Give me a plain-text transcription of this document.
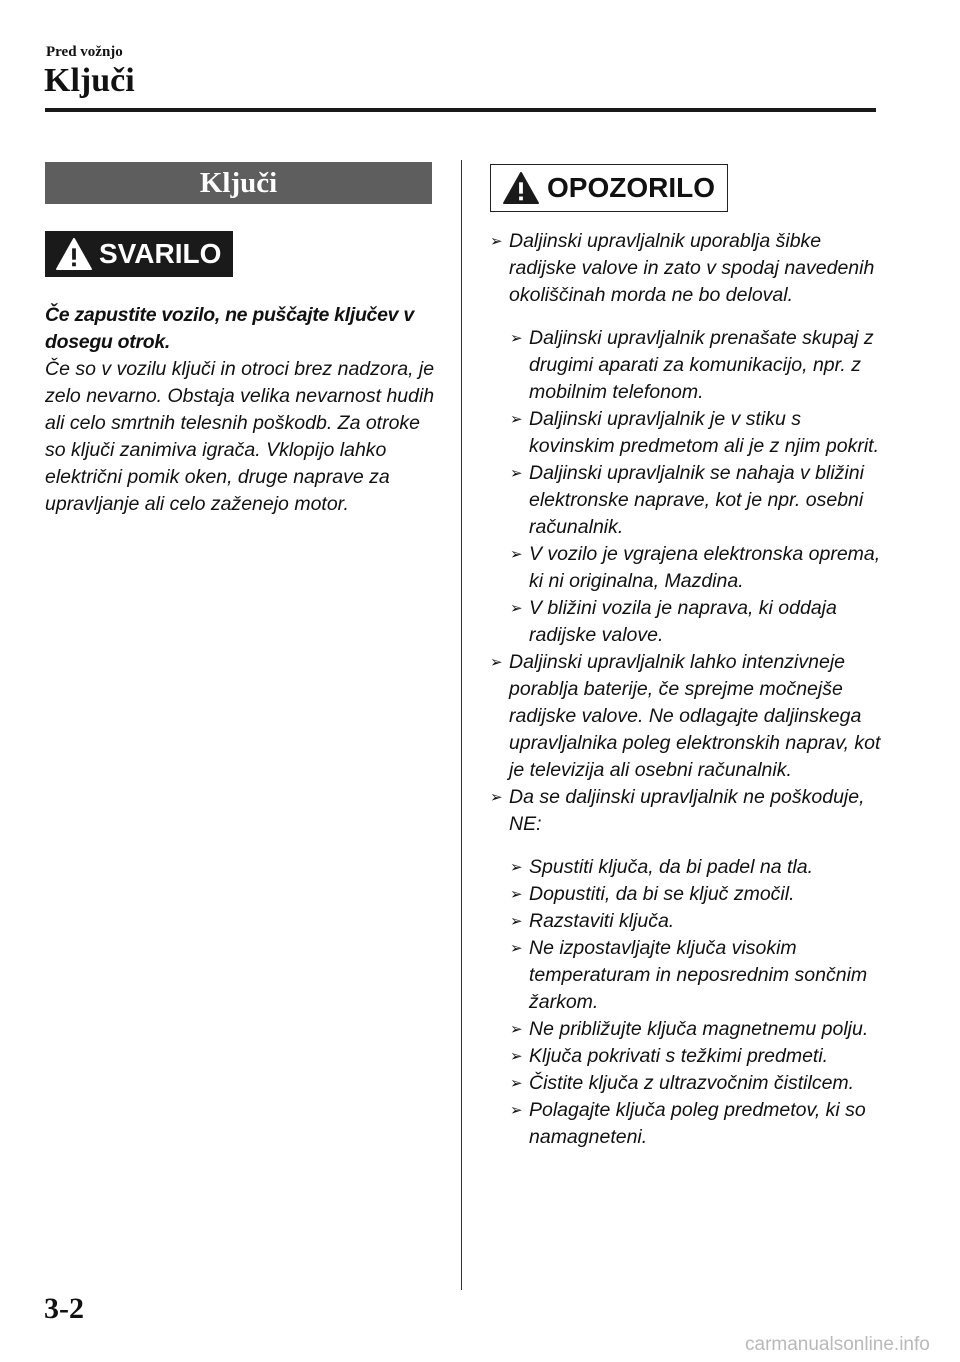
Pred vožnjo
Ključi
Ključi
SVARILO
Če zapustite vozilo, ne puščajte ključev v dosegu otrok.
Če so v vozilu ključi in otroci brez nadzora, je zelo nevarno. Obstaja velika nevarnost hudih ali celo smrtnih telesnih poškodb. Za otroke so ključi zanimiva igrača. Vklopijo lahko električni pomik oken, druge naprave za upravljanje ali celo zaženejo motor.
OPOZORILO
➢ Daljinski upravljalnik uporablja šibke radijske valove in zato v spodaj navedenih okoliščinah morda ne bo deloval.
➢ Daljinski upravljalnik prenašate skupaj z drugimi aparati za komunikacijo, npr. z mobilnim telefonom.
➢ Daljinski upravljalnik je v stiku s kovinskim predmetom ali je z njim pokrit.
➢ Daljinski upravljalnik se nahaja v bližini elektronske naprave, kot je npr. osebni računalnik.
➢ V vozilo je vgrajena elektronska oprema, ki ni originalna, Mazdina.
➢ V bližini vozila je naprava, ki oddaja radijske valove.
➢ Daljinski upravljalnik lahko intenzivneje porablja baterije, če sprejme močnejše radijske valove. Ne odlagajte daljinskega upravljalnika poleg elektronskih naprav, kot je televizija ali osebni računalnik.
➢ Da se daljinski upravljalnik ne poškoduje, NE:
➢ Spustiti ključa, da bi padel na tla.
➢ Dopustiti, da bi se ključ zmočil.
➢ Razstaviti ključa.
➢ Ne izpostavljajte ključa visokim temperaturam in neposrednim sončnim žarkom.
➢ Ne približujte ključa magnetnemu polju.
➢ Ključa pokrivati s težkimi predmeti.
➢ Čistite ključa z ultrazvočnim čistilcem.
➢ Polagajte ključa poleg predmetov, ki so namagneteni.
3-2
carmanualsonline.info
